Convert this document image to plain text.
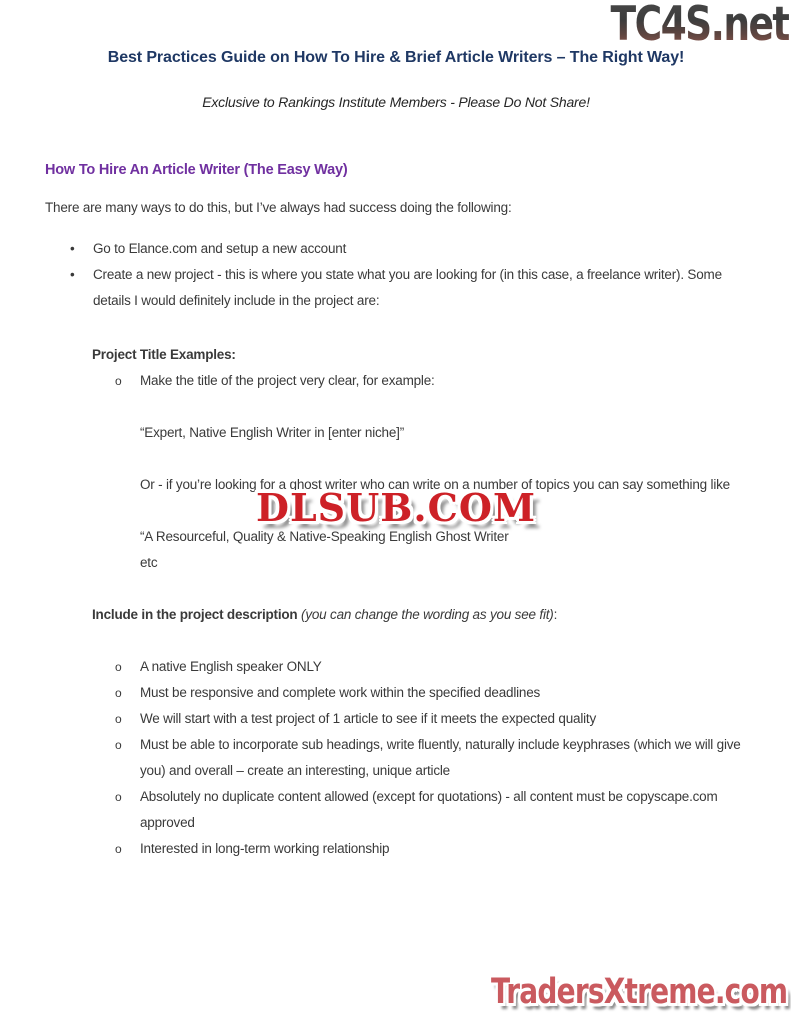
TC4S.net
Best Practices Guide on How To Hire & Brief Article Writers – The Right Way!

Exclusive to Rankings Institute Members - Please Do Not Share!

How To Hire An Article Writer (The Easy Way)

There are many ways to do this, but I’ve always had success doing the following:

•	Go to Elance.com and setup a new account
•	Create a new project - this is where you state what you are looking for (in this case, a freelance writer). Some details I would definitely include in the project are:

Project Title Examples:

o	Make the title of the project very clear, for example:

“Expert, Native English Writer in [enter niche]”

Or - if you’re looking for a ghost writer who can write on a number of topics you can say something like

“A Resourceful, Quality & Native-Speaking English Ghost Writer

etc

Include in the project description (you can change the wording as you see fit):

o	A native English speaker ONLY
o	Must be responsive and complete work within the specified deadlines
o	We will start with a test project of 1 article to see if it meets the expected quality
o	Must be able to incorporate sub headings, write fluently, naturally include keyphrases (which we will give you) and overall – create an interesting, unique article
o	Absolutely no duplicate content allowed (except for quotations) - all content must be copyscape.com approved
o	Interested in long-term working relationship
DLSUB.COM
TradersXtreme.com
